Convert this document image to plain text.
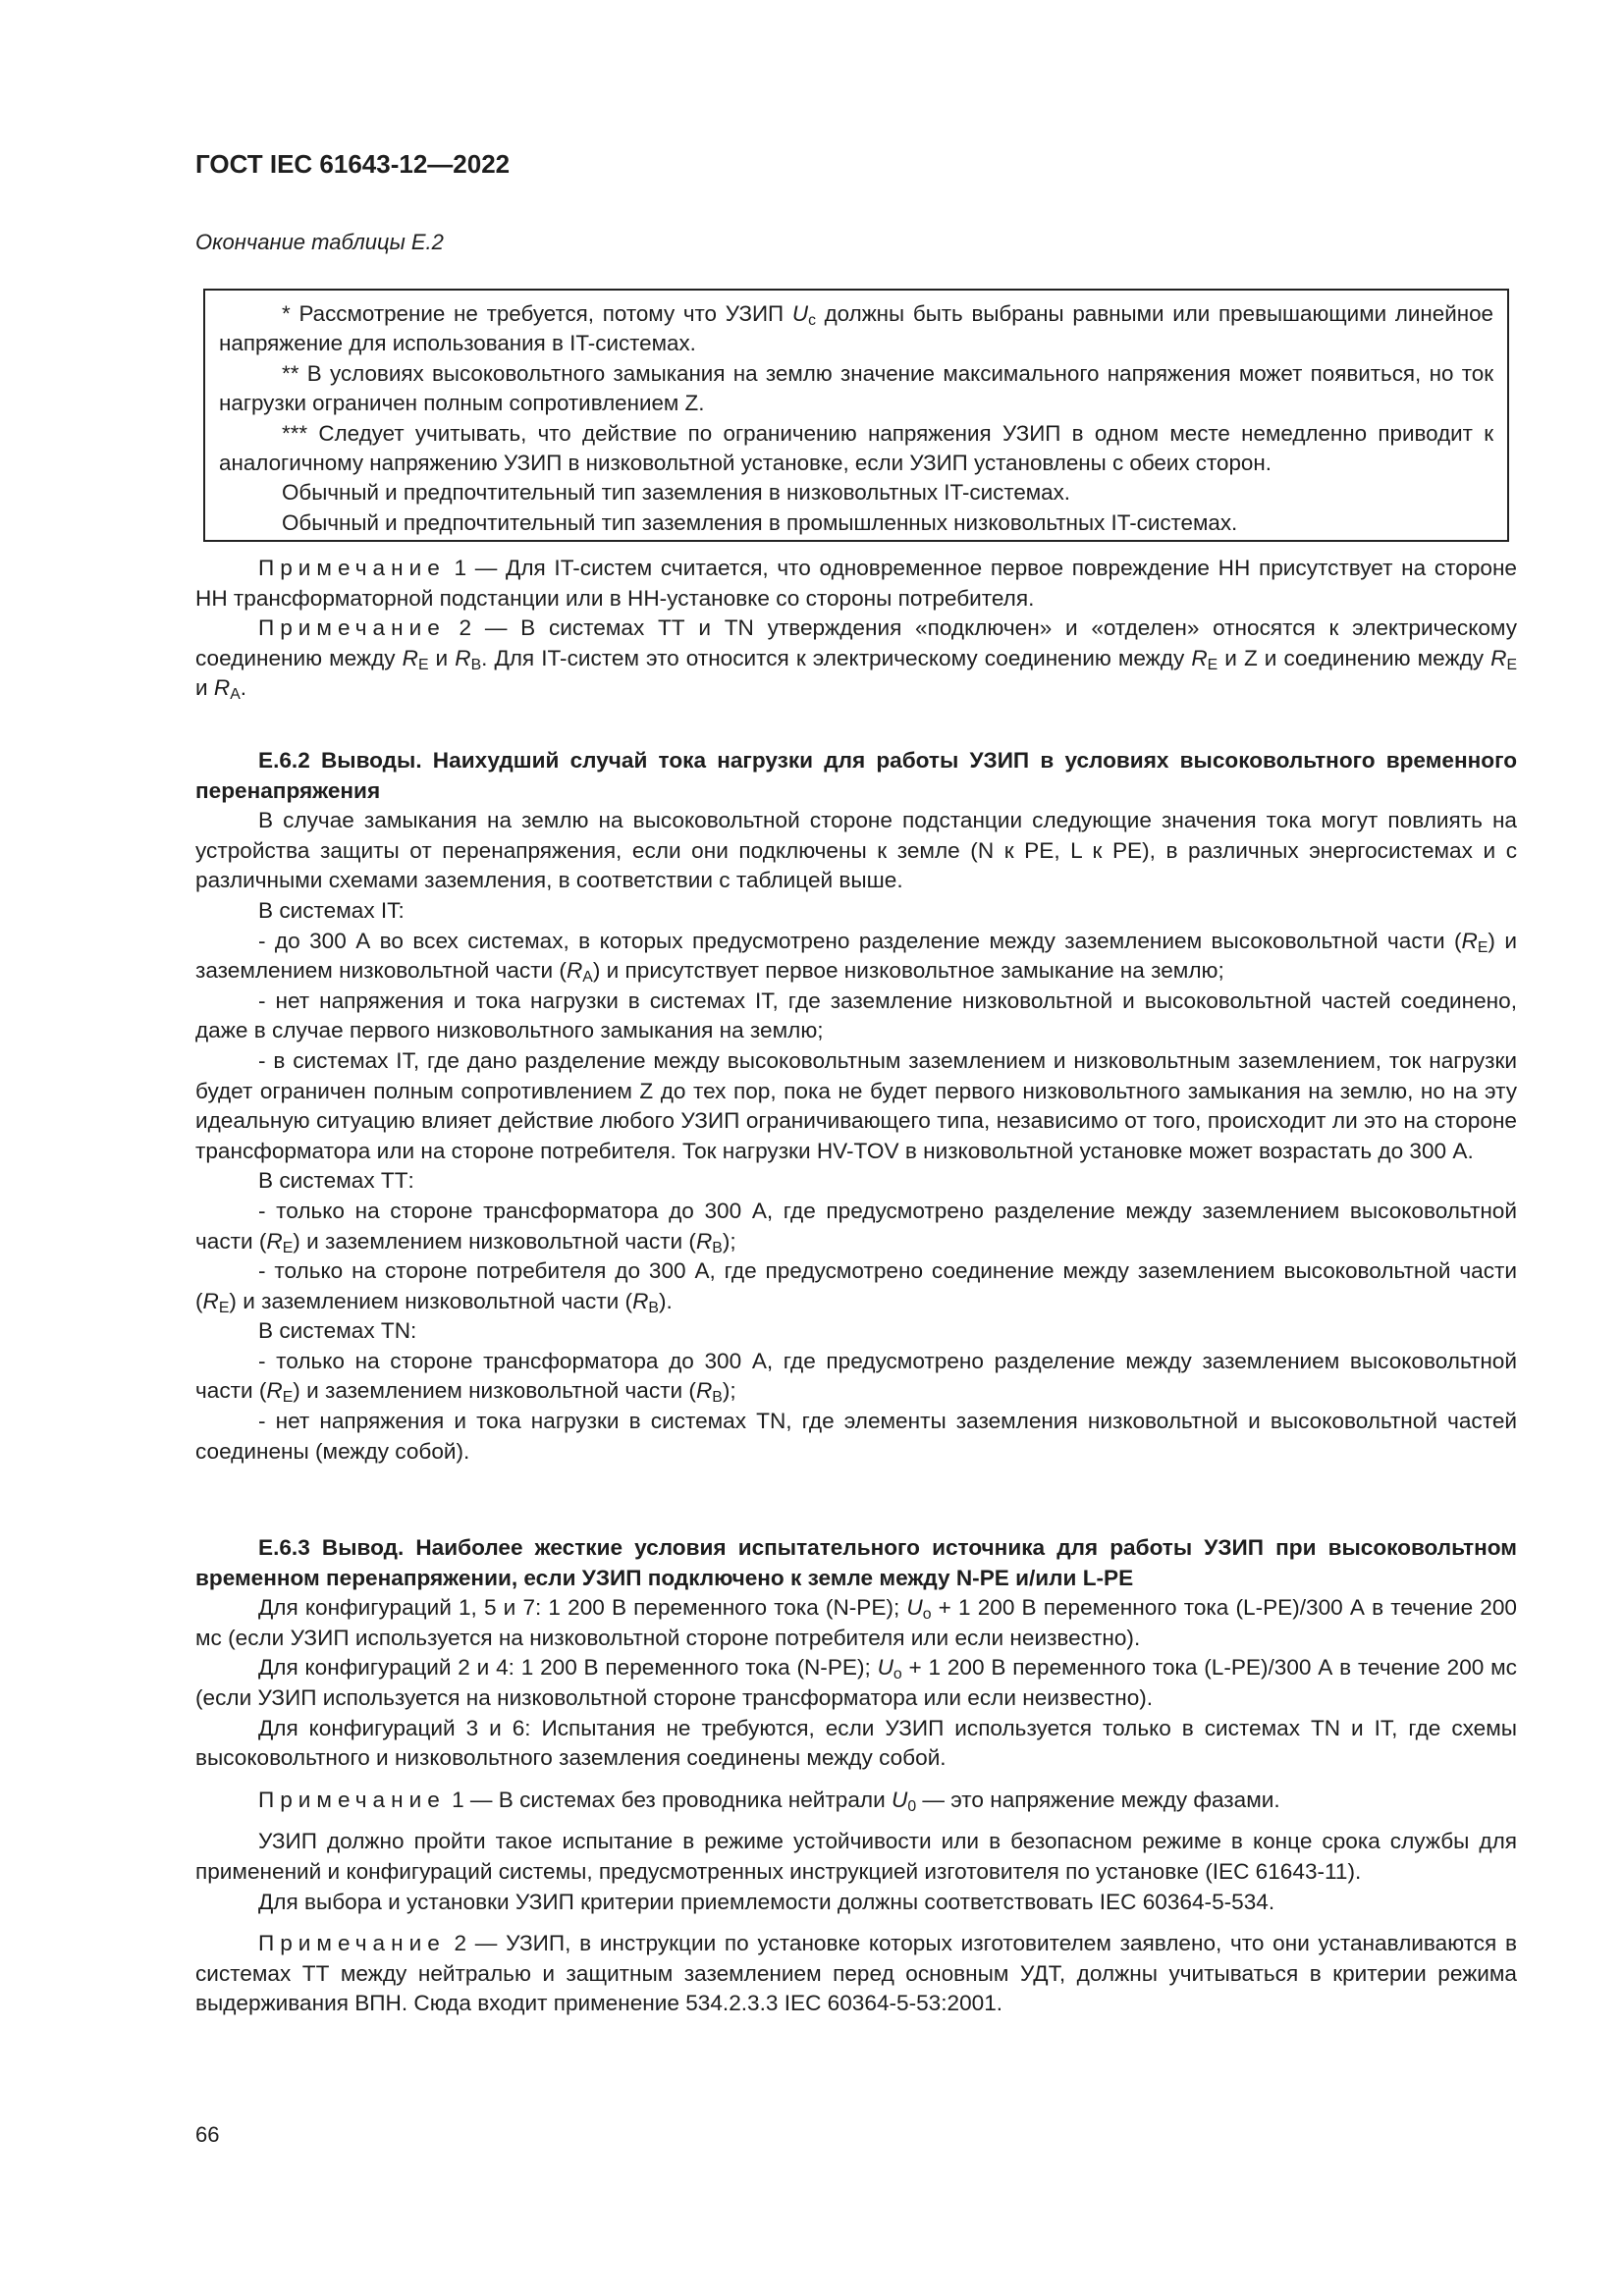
ГОСТ IEC 61643-12—2022
Окончание таблицы Е.2

* Рассмотрение не требуется, потому что УЗИП $U_c$ должны быть выбраны равными или превышающими линейное напряжение для использования в IT-системах.

** В условиях высоковольтного замыкания на землю значение максимального напряжения может появиться, но ток нагрузки ограничен полным сопротивлением Z.

*** Следует учитывать, что действие по ограничению напряжения УЗИП в одном месте немедленно приводит к аналогичному напряжению УЗИП в низковольтной установке, если УЗИП установлены с обеих сторон.

Обычный и предпочтительный тип заземления в низковольтных IT-системах.

Обычный и предпочтительный тип заземления в промышленных низковольтных IT-системах.

Примечание 1 — Для IT-систем считается, что одновременное первое повреждение НН присутствует на стороне НН трансформаторной подстанции или в НН-установке со стороны потребителя.

Примечание 2 — В системах ТТ и TN утверждения «подключен» и «отделен» относятся к электрическому соединению между $R_E$ и $R_B$. Для IT-систем это относится к электрическому соединению между $R_E$ и Z и соединению между $R_E$ и $R_A$.

Е.6.2 Выводы. Наихудший случай тока нагрузки для работы УЗИП в условиях высоковольтного временного перенапряжения

В случае замыкания на землю на высоковольтной стороне подстанции следующие значения тока могут повлиять на устройства защиты от перенапряжения, если они подключены к земле (N к РЕ, L к РЕ), в различных энергосистемах и с различными схемами заземления, в соответствии с таблицей выше.

В системах IT:

- до 300 А во всех системах, в которых предусмотрено разделение между заземлением высоковольтной части $(R_E)$ и заземлением низковольтной части $(R_A)$ и присутствует первое низковольтное замыкание на землю;

- нет напряжения и тока нагрузки в системах IT, где заземление низковольтной и высоковольтной частей соединено, даже в случае первого низковольтного замыкания на землю;

- в системах IT, где дано разделение между высоковольтным заземлением и низковольтным заземлением, ток нагрузки будет ограничен полным сопротивлением Z до тех пор, пока не будет первого низковольтного замыкания на землю, но на эту идеальную ситуацию влияет действие любого УЗИП ограничивающего типа, независимо от того, происходит ли это на стороне трансформатора или на стороне потребителя. Ток нагрузки HV-TOV в низковольтной установке может возрастать до 300 А.

В системах ТТ:

- только на стороне трансформатора до 300 А, где предусмотрено разделение между заземлением высоковольтной части $(R_E)$ и заземлением низковольтной части $(R_B)$;

- только на стороне потребителя до 300 А, где предусмотрено соединение между заземлением высоковольтной части $(R_E)$ и заземлением низковольтной части $(R_B)$.

В системах TN:

- только на стороне трансформатора до 300 А, где предусмотрено разделение между заземлением высоковольтной части $(R_E)$ и заземлением низковольтной части $(R_B)$;

- нет напряжения и тока нагрузки в системах TN, где элементы заземления низковольтной и высоковольтной частей соединены (между собой).

Е.6.3 Вывод. Наиболее жесткие условия испытательного источника для работы УЗИП при высоковольтном временном перенапряжении, если УЗИП подключено к земле между N-PE и/или L-PE

Для конфигураций 1, 5 и 7: 1 200 В переменного тока (N-PE); $U_o + 1$ 200 В переменного тока (L-PE)/300 А в течение 200 мс (если УЗИП используется на низковольтной стороне потребителя или если неизвестно).

Для конфигураций 2 и 4: 1 200 В переменного тока (N-PE); $U_o + 1$ 200 В переменного тока (L-PE)/300 А в течение 200 мс (если УЗИП используется на низковольтной стороне трансформатора или если неизвестно).

Для конфигураций 3 и 6: Испытания не требуются, если УЗИП используется только в системах TN и IT, где схемы высоковольтного и низковольтного заземления соединены между собой.

Примечание 1 — В системах без проводника нейтрали $U_0$ — это напряжение между фазами.

УЗИП должно пройти такое испытание в режиме устойчивости или в безопасном режиме в конце срока службы для применений и конфигураций системы, предусмотренных инструкцией изготовителя по установке (IEC 61643-11).

Для выбора и установки УЗИП критерии приемлемости должны соответствовать IEC 60364-5-534.

Примечание 2 — УЗИП, в инструкции по установке которых изготовителем заявлено, что они устанавливаются в системах ТТ между нейтралью и защитным заземлением перед основным УДТ, должны учитываться в критерии режима выдерживания ВПН. Сюда входит применение 534.2.3.3 IEC 60364-5-53:2001.

66
